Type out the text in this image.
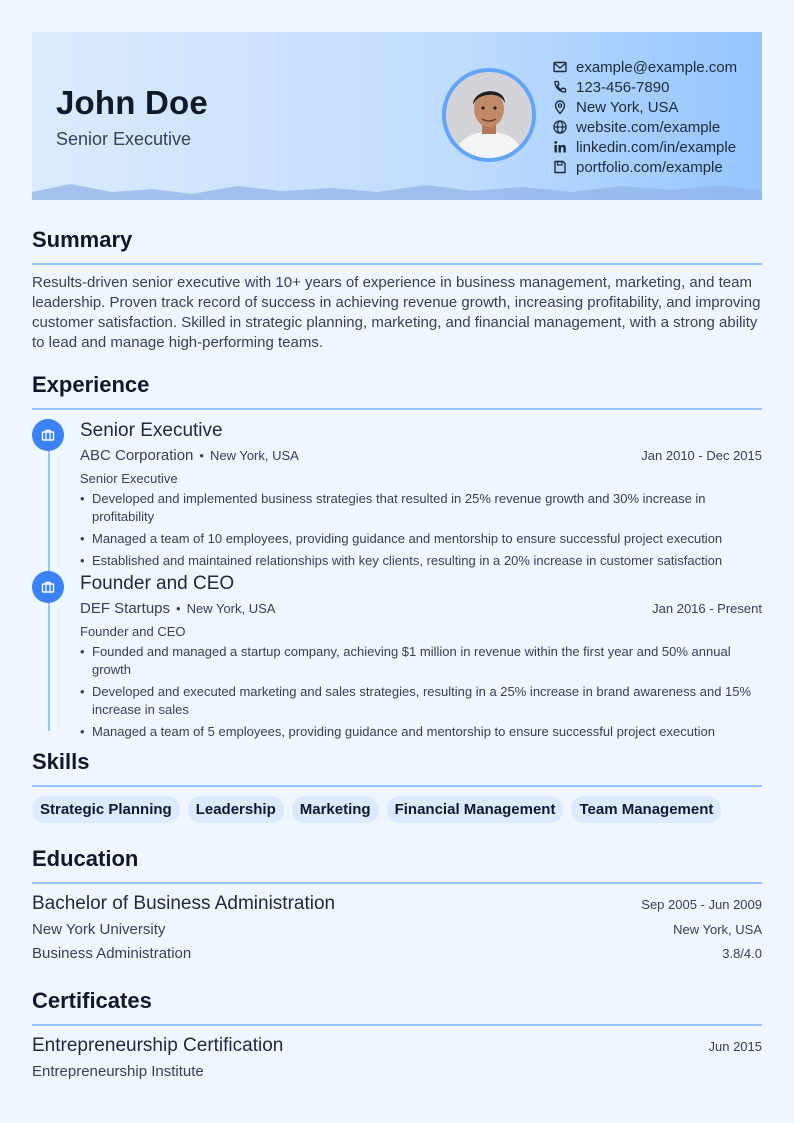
John Doe
Senior Executive
example@example.com
123-456-7890
New York, USA
website.com/example
linkedin.com/in/example
portfolio.com/example
Summary
Results-driven senior executive with 10+ years of experience in business management, marketing, and team leadership. Proven track record of success in achieving revenue growth, increasing profitability, and improving customer satisfaction. Skilled in strategic planning, marketing, and financial management, with a strong ability to lead and manage high-performing teams.
Experience
Senior Executive
ABC Corporation • New York, USA	Jan 2010 - Dec 2015
Senior Executive
• Developed and implemented business strategies that resulted in 25% revenue growth and 30% increase in profitability
• Managed a team of 10 employees, providing guidance and mentorship to ensure successful project execution
• Established and maintained relationships with key clients, resulting in a 20% increase in customer satisfaction
Founder and CEO
DEF Startups • New York, USA	Jan 2016 - Present
Founder and CEO
• Founded and managed a startup company, achieving $1 million in revenue within the first year and 50% annual growth
• Developed and executed marketing and sales strategies, resulting in a 25% increase in brand awareness and 15% increase in sales
• Managed a team of 5 employees, providing guidance and mentorship to ensure successful project execution
Skills
Strategic Planning	Leadership	Marketing	Financial Management	Team Management
Education
Bachelor of Business Administration	Sep 2005 - Jun 2009
New York University	New York, USA
Business Administration	3.8/4.0
Certificates
Entrepreneurship Certification	Jun 2015
Entrepreneurship Institute
